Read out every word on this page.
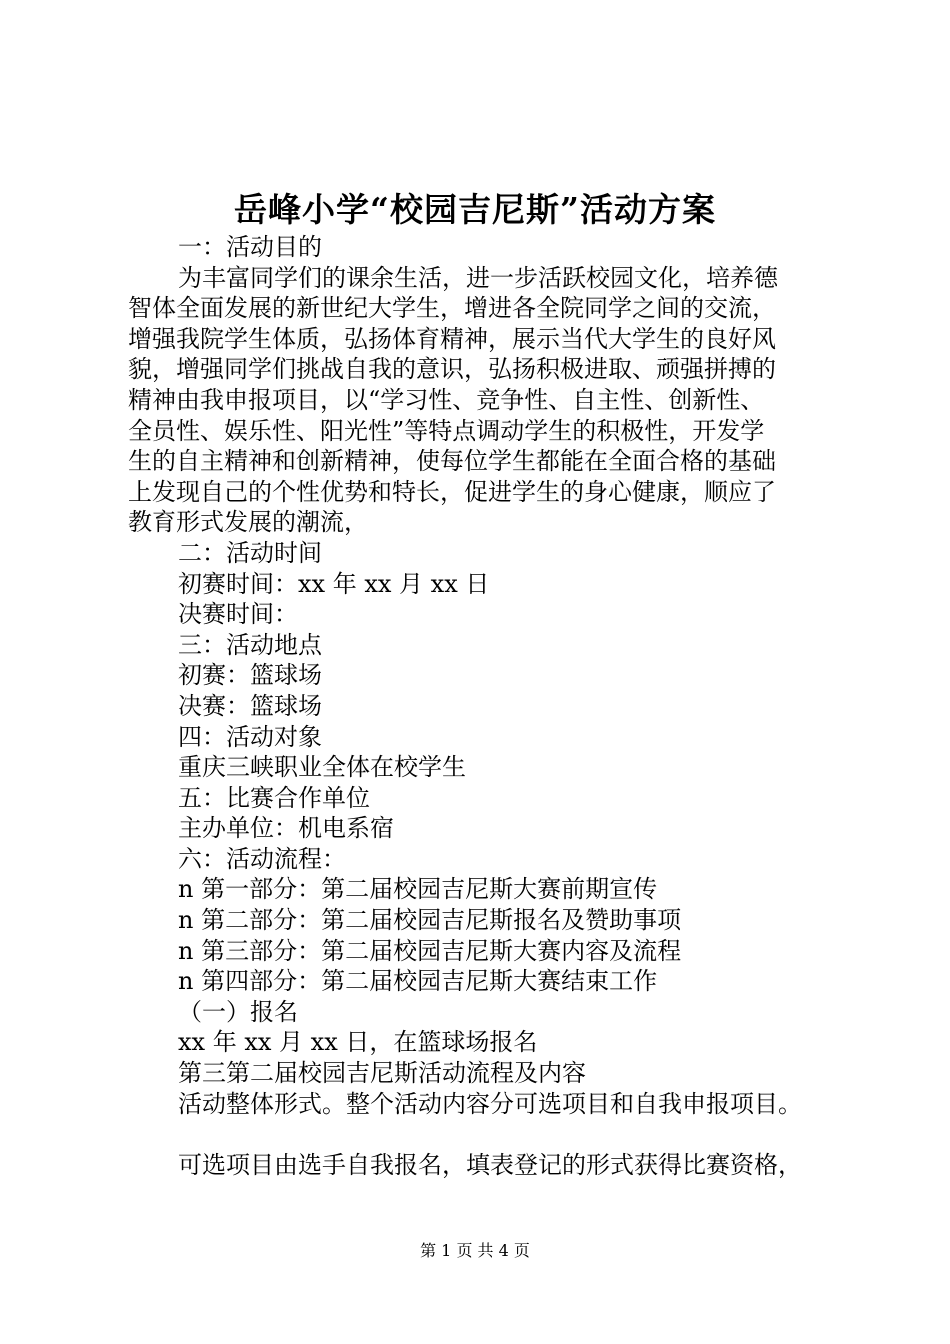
岳峰小学“校园吉尼斯”活动方案

一：活动目的

为丰富同学们的课余生活，进一步活跃校园文化，培养德

智体全面发展的新世纪大学生，增进各全院同学之间的交流，

增强我院学生体质，弘扬体育精神，展示当代大学生的良好风

貌，增强同学们挑战自我的意识，弘扬积极进取、顽强拼搏的

精神由我申报项目，以“学习性、竞争性、自主性、创新性、

全员性、娱乐性、阳光性”等特点调动学生的积极性，开发学

生的自主精神和创新精神，使每位学生都能在全面合格的基础

上发现自己的个性优势和特长，促进学生的身心健康，顺应了

教育形式发展的潮流，

二：活动时间

初赛时间：xx 年 xx 月 xx 日

决赛时间：

三：活动地点

初赛：篮球场

决赛：篮球场

四：活动对象

重庆三峡职业全体在校学生

五：比赛合作单位

主办单位：机电系宿

六：活动流程：

n 第一部分：第二届校园吉尼斯大赛前期宣传

n 第二部分：第二届校园吉尼斯报名及赞助事项

n 第三部分：第二届校园吉尼斯大赛内容及流程

n 第四部分：第二届校园吉尼斯大赛结束工作

（一）报名

xx 年 xx 月 xx 日，在篮球场报名

第三第二届校园吉尼斯活动流程及内容

活动整体形式。整个活动内容分可选项目和自我申报项目。

可选项目由选手自我报名，填表登记的形式获得比赛资格，

第 1 页 共 4 页
